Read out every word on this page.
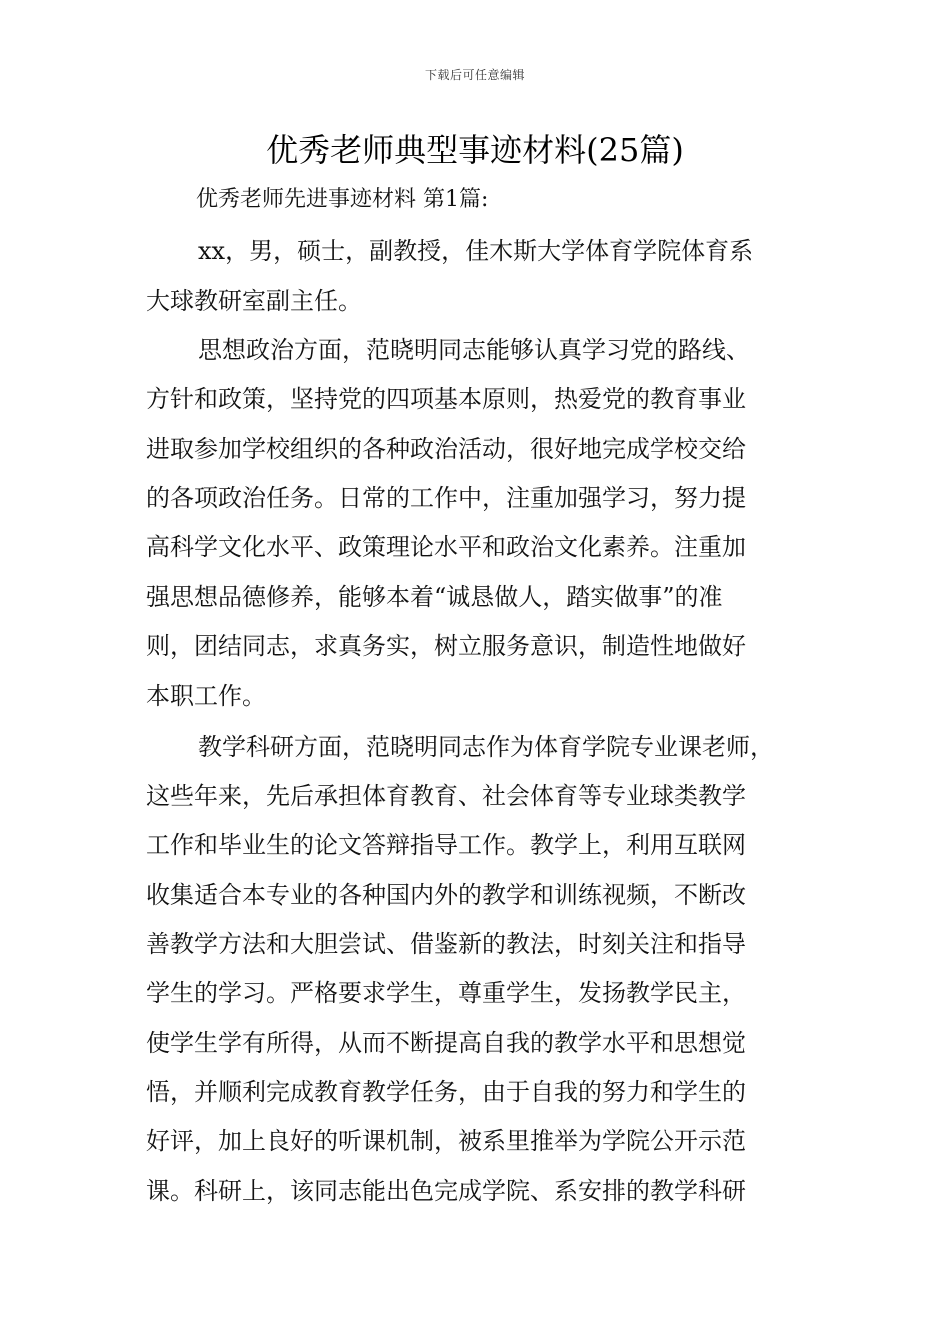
下载后可任意编辑
优秀老师典型事迹材料(25篇)
优秀老师先进事迹材料 第1篇:
xx，男，硕士，副教授，佳木斯大学体育学院体育系
大球教研室副主任。
思想政治方面，范晓明同志能够认真学习党的路线、
方针和政策，坚持党的四项基本原则，热爱党的教育事业
进取参加学校组织的各种政治活动，很好地完成学校交给
的各项政治任务。日常的工作中，注重加强学习，努力提
高科学文化水平、政策理论水平和政治文化素养。注重加
强思想品德修养，能够本着“诚恳做人，踏实做事”的准
则，团结同志，求真务实，树立服务意识，制造性地做好
本职工作。
教学科研方面，范晓明同志作为体育学院专业课老师，
这些年来，先后承担体育教育、社会体育等专业球类教学
工作和毕业生的论文答辩指导工作。教学上，利用互联网
收集适合本专业的各种国内外的教学和训练视频，不断改
善教学方法和大胆尝试、借鉴新的教法，时刻关注和指导
学生的学习。严格要求学生，尊重学生，发扬教学民主，
使学生学有所得，从而不断提高自我的教学水平和思想觉
悟，并顺利完成教育教学任务，由于自我的努力和学生的
好评，加上良好的听课机制，被系里推举为学院公开示范
课。科研上，该同志能出色完成学院、系安排的教学科研
